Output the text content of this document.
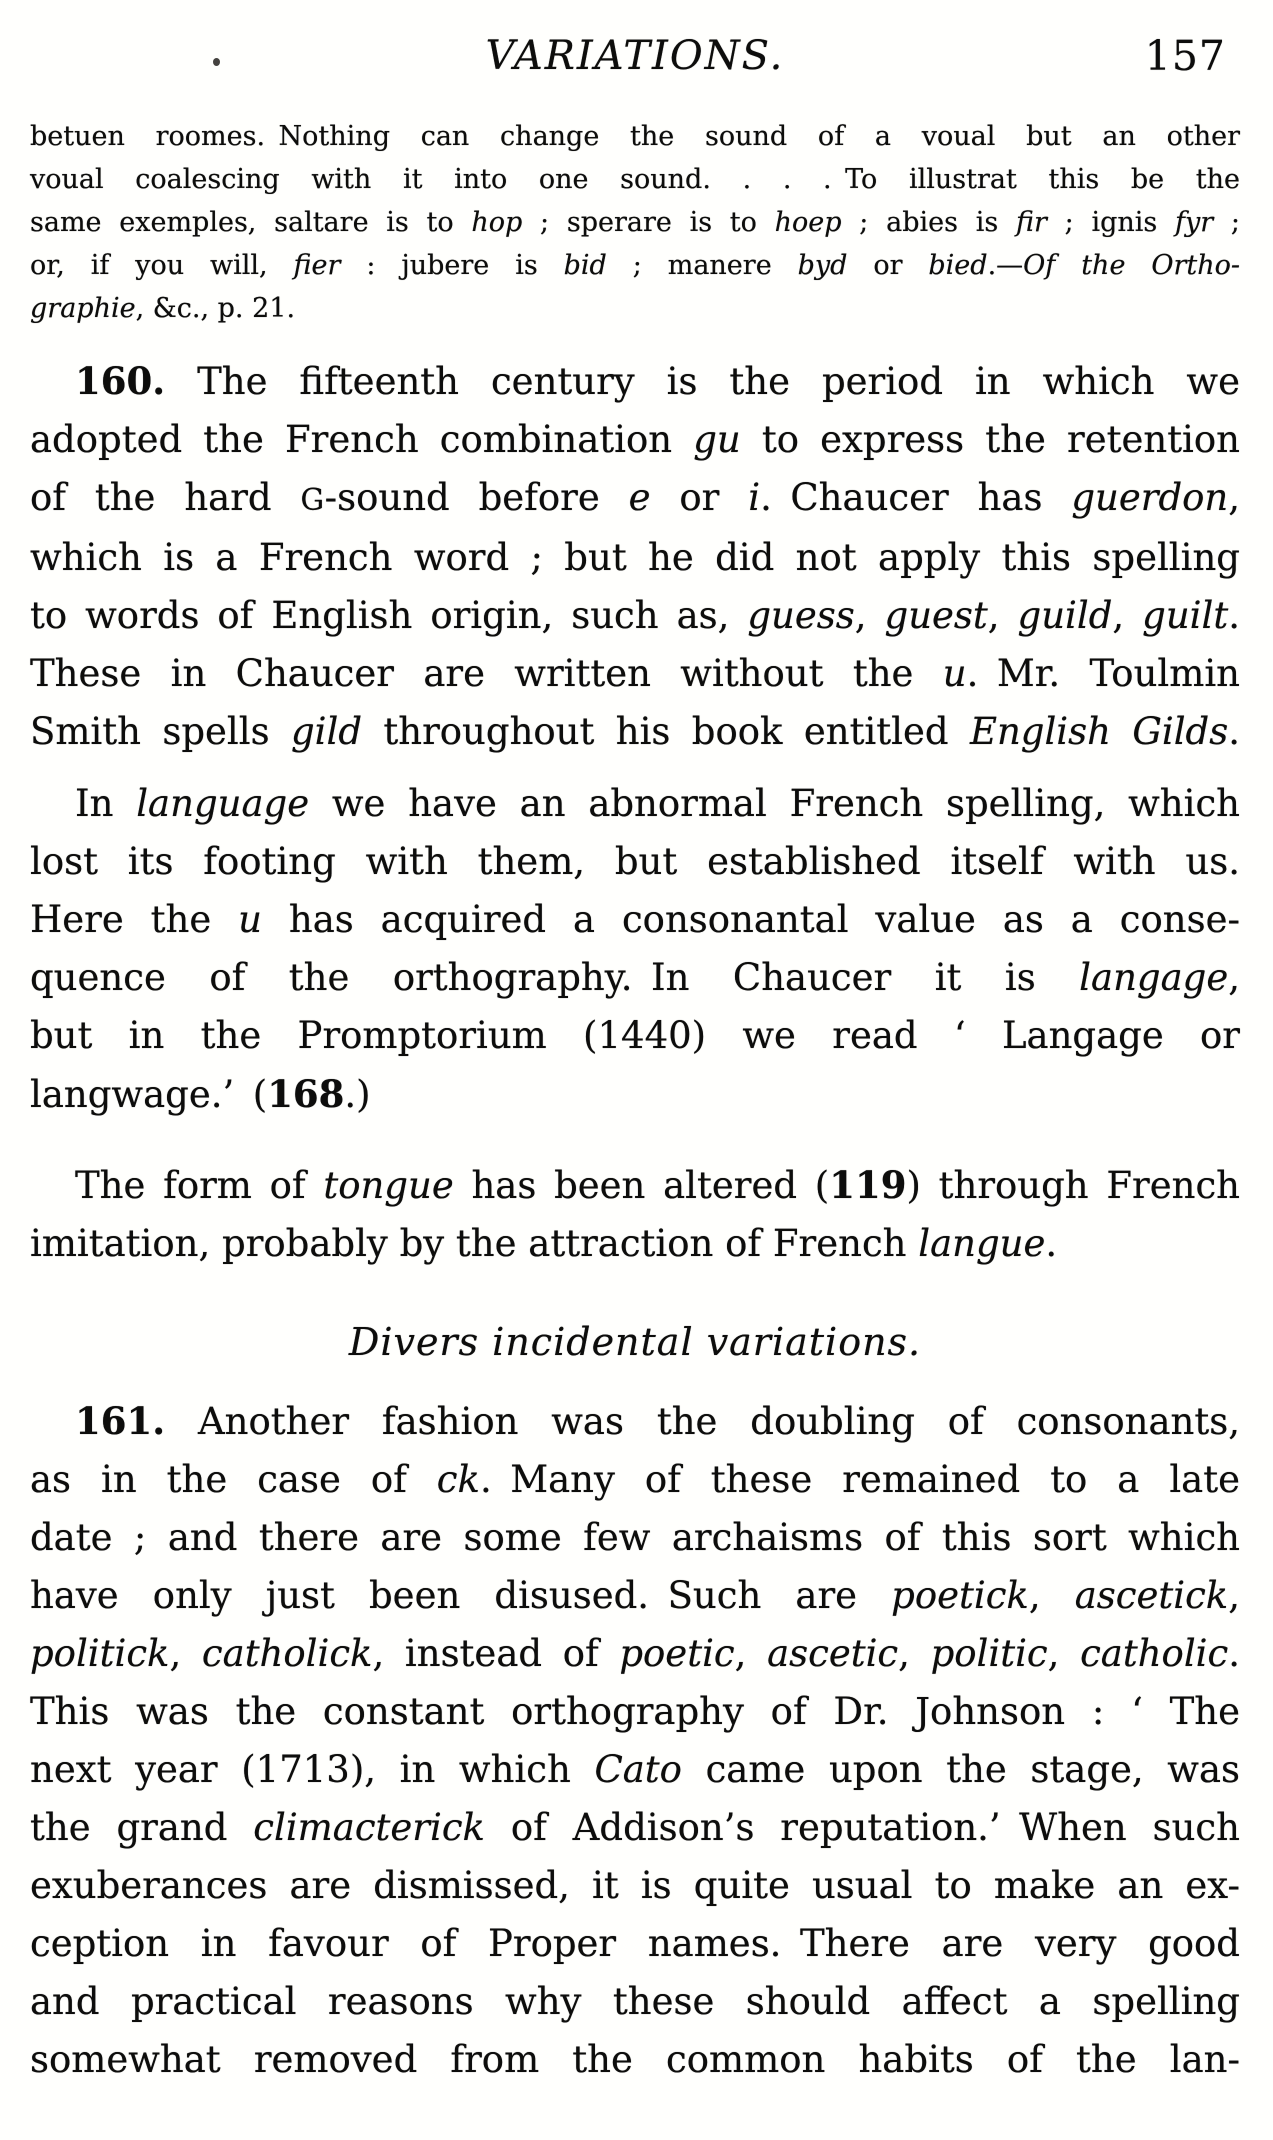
VARIATIONS.	157
betuen roomes. Nothing can change the sound of a voual but an other
voual coalescing with it into one sound. . . . To illustrat this be the
same exemples, saltare is to hop ; sperare is to hoep ; abies is fir ; ignis fyr ;
or, if you will, fier : jubere is bid ; manere byd or bied.—Of the Ortho-
graphie, &c., p. 21.
160. The fifteenth century is the period in which we
adopted the French combination gu to express the retention
of the hard G-sound before e or i. Chaucer has guerdon,
which is a French word ; but he did not apply this spelling
to words of English origin, such as, guess, guest, guild, guilt.
These in Chaucer are written without the u. Mr. Toulmin
Smith spells gild throughout his book entitled English Gilds.
In language we have an abnormal French spelling, which
lost its footing with them, but established itself with us.
Here the u has acquired a consonantal value as a conse-
quence of the orthography. In Chaucer it is langage,
but in the Promptorium (1440) we read ‘ Langage or
langwage.’ (168.)
The form of tongue has been altered (119) through French
imitation, probably by the attraction of French langue.
Divers incidental variations.
161. Another fashion was the doubling of consonants,
as in the case of ck. Many of these remained to a late
date ; and there are some few archaisms of this sort which
have only just been disused. Such are poetick, ascetick,
politick, catholick, instead of poetic, ascetic, politic, catholic.
This was the constant orthography of Dr. Johnson : ‘ The
next year (1713), in which Cato came upon the stage, was
the grand climacterick of Addison’s reputation.’ When such
exuberances are dismissed, it is quite usual to make an ex-
ception in favour of Proper names. There are very good
and practical reasons why these should affect a spelling
somewhat removed from the common habits of the lan-
